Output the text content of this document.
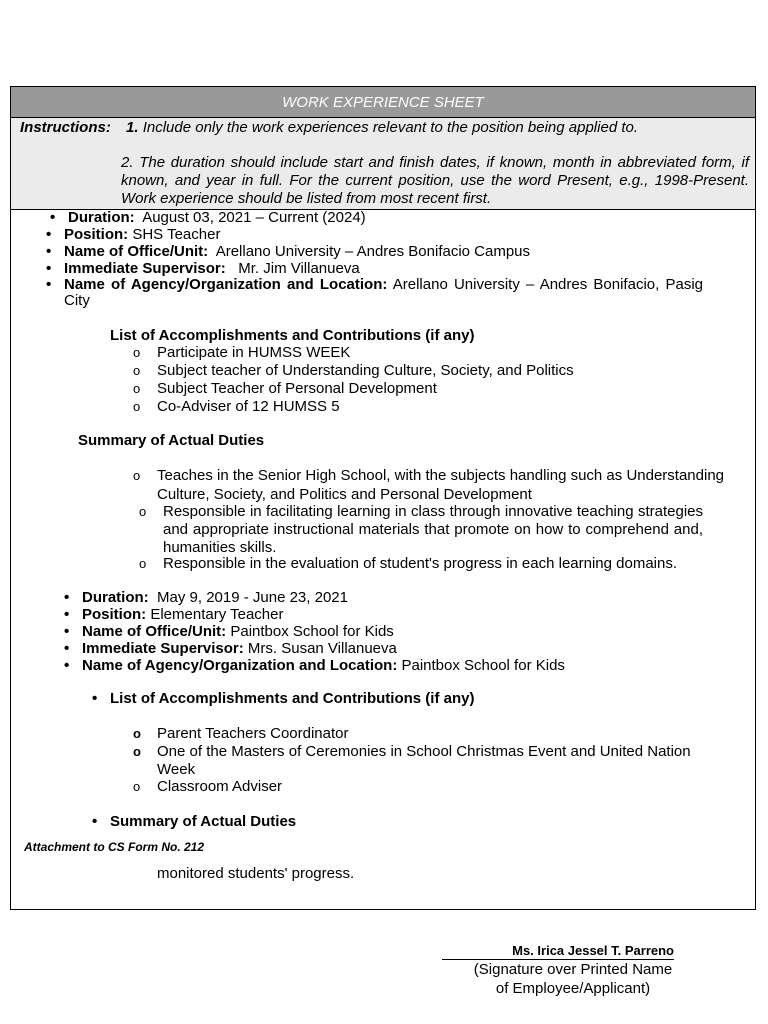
WORK EXPERIENCE SHEET
Instructions: 1. Include only the work experiences relevant to the position being applied to.
2. The duration should include start and finish dates, if known, month in abbreviated form, if known, and year in full. For the current position, use the word Present, e.g., 1998-Present. Work experience should be listed from most recent first.
• Duration: August 03, 2021 – Current (2024)
• Position: SHS Teacher
• Name of Office/Unit: Arellano University – Andres Bonifacio Campus
• Immediate Supervisor: Mr. Jim Villanueva
• Name of Agency/Organization and Location: Arellano University – Andres Bonifacio, Pasig City
List of Accomplishments and Contributions (if any)
o Participate in HUMSS WEEK
o Subject teacher of Understanding Culture, Society, and Politics
o Subject Teacher of Personal Development
o Co-Adviser of 12 HUMSS 5
Summary of Actual Duties
o Teaches in the Senior High School, with the subjects handling such as Understanding Culture, Society, and Politics and Personal Development
o Responsible in facilitating learning in class through innovative teaching strategies and appropriate instructional materials that promote on how to comprehend and, humanities skills.
o Responsible in the evaluation of student's progress in each learning domains.
• Duration: May 9, 2019 - June 23, 2021
• Position: Elementary Teacher
• Name of Office/Unit: Paintbox School for Kids
• Immediate Supervisor: Mrs. Susan Villanueva
• Name of Agency/Organization and Location: Paintbox School for Kids
• List of Accomplishments and Contributions (if any)
o Parent Teachers Coordinator
o One of the Masters of Ceremonies in School Christmas Event and United Nation Week
o Classroom Adviser
• Summary of Actual Duties
monitored students' progress.
Attachment to CS Form No. 212
Ms. Irica Jessel T. Parreno
(Signature over Printed Name
of Employee/Applicant)
